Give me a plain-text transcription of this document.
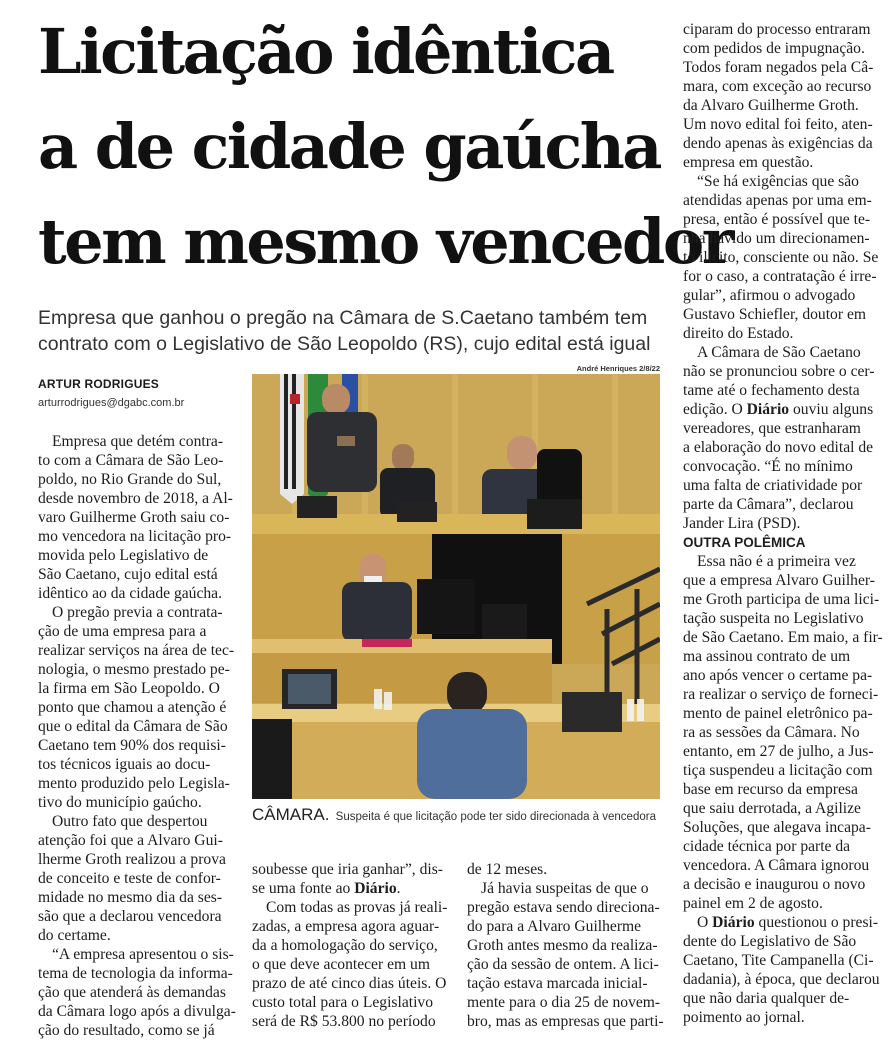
Licitação idêntica
a de cidade gaúcha
tem mesmo vencedor
Empresa que ganhou o pregão na Câmara de S.Caetano também tem
contrato com o Legislativo de São Leopoldo (RS), cujo edital está igual
ARTUR RODRIGUES
arturrodrigues@dgabc.com.br

Empresa que detém contra-
to com a Câmara de São Leo-
poldo, no Rio Grande do Sul,
desde novembro de 2018, a Al-
varo Guilherme Groth saiu co-
mo vencedora na licitação pro-
movida pelo Legislativo de
São Caetano, cujo edital está
idêntico ao da cidade gaúcha.

O pregão previa a contrata-
ção de uma empresa para a
realizar serviços na área de tec-
nologia, o mesmo prestado pe-
la firma em São Leopoldo. O
ponto que chamou a atenção é
que o edital da Câmara de São
Caetano tem 90% dos requisi-
tos técnicos iguais ao docu-
mento produzido pelo Legisla-
tivo do município gaúcho.

Outro fato que despertou
atenção foi que a Alvaro Gui-
lherme Groth realizou a prova
de conceito e teste de confor-
midade no mesmo dia da ses-
são que a declarou vencedora
do certame.

“A empresa apresentou o sis-
tema de tecnologia da informa-
ção que atenderá às demandas
da Câmara logo após a divulga-
ção do resultado, como se já

André Henriques 2/8/22
CÂMARA. Suspeita é que licitação pode ter sido direcionada à vencedora

soubesse que iria ganhar”, dis-
se uma fonte ao Diário.

Com todas as provas já reali-
zadas, a empresa agora aguar-
da a homologação do serviço,
o que deve acontecer em um
prazo de até cinco dias úteis. O
custo total para o Legislativo
será de R$ 53.800 no período

de 12 meses.

Já havia suspeitas de que o
pregão estava sendo direciona-
do para a Alvaro Guilherme
Groth antes mesmo da realiza-
ção da sessão de ontem. A lici-
tação estava marcada inicial-
mente para o dia 25 de novem-
bro, mas as empresas que parti-

ciparam do processo entraram
com pedidos de impugnação.
Todos foram negados pela Câ-
mara, com exceção ao recurso
da Alvaro Guilherme Groth.
Um novo edital foi feito, aten-
dendo apenas às exigências da
empresa em questão.

“Se há exigências que são
atendidas apenas por uma em-
presa, então é possível que te-
nha havido um direcionamen-
to ilícito, consciente ou não. Se
for o caso, a contratação é irre-
gular”, afirmou o advogado
Gustavo Schiefler, doutor em
direito do Estado.

A Câmara de São Caetano
não se pronunciou sobre o cer-
tame até o fechamento desta
edição. O Diário ouviu alguns
vereadores, que estranharam
a elaboração do novo edital de
convocação. “É no mínimo
uma falta de criatividade por
parte da Câmara”, declarou
Jander Lira (PSD).

OUTRA POLÊMICA

Essa não é a primeira vez
que a empresa Alvaro Guilher-
me Groth participa de uma lici-
tação suspeita no Legislativo
de São Caetano. Em maio, a fir-
ma assinou contrato de um
ano após vencer o certame pa-
ra realizar o serviço de forneci-
mento de painel eletrônico pa-
ra as sessões da Câmara. No
entanto, em 27 de julho, a Jus-
tiça suspendeu a licitação com
base em recurso da empresa
que saiu derrotada, a Agilize
Soluções, que alegava incapa-
cidade técnica por parte da
vencedora. A Câmara ignorou
a decisão e inaugurou o novo
painel em 2 de agosto.

O Diário questionou o presi-
dente do Legislativo de São
Caetano, Tite Campanella (Ci-
dadania), à época, que declarou
que não daria qualquer de-
poimento ao jornal.
